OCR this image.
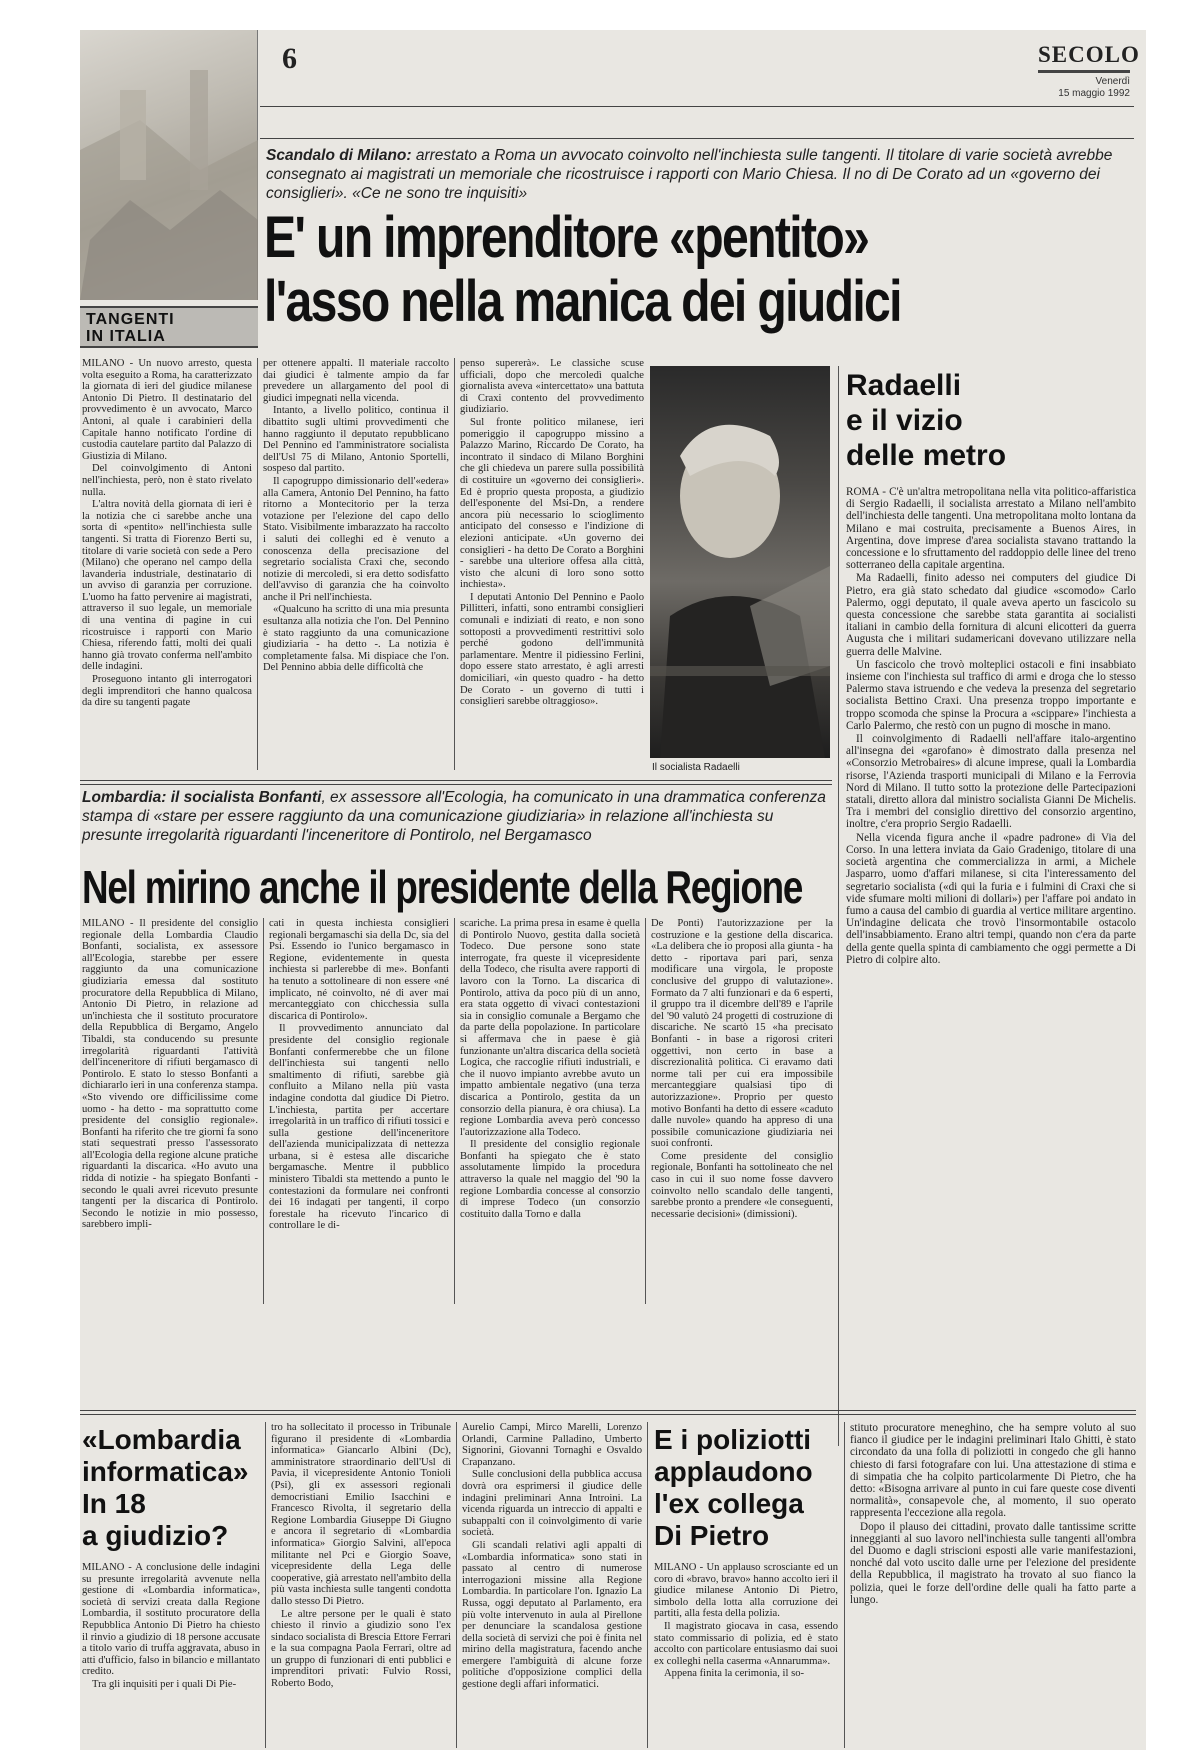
6	SECOLO
Venerdì
15 maggio 1992
TANGENTI
IN ITALIA
Scandalo di Milano: arrestato a Roma un avvocato coinvolto nell'inchiesta sulle tangenti. Il titolare di varie società avrebbe consegnato ai magistrati un memoriale che ricostruisce i rapporti con Mario Chiesa. Il no di De Corato ad un «governo dei consiglieri». «Ce ne sono tre inquisiti»
E' un imprenditore «pentito»
l'asso nella manica dei giudici

MILANO - Un nuovo arresto, questa volta eseguito a Roma, ha caratterizzato la giornata di ieri del giudice milanese Antonio Di Pietro. Il destinatario del provvedimento è un avvocato, Marco Antoni, al quale i carabinieri della Capitale hanno notificato l'ordine di custodia cautelare partito dal Palazzo di Giustizia di Milano.

Del coinvolgimento di Antoni nell'inchiesta, però, non è stato rivelato nulla.

L'altra novità della giornata di ieri è la notizia che ci sarebbe anche una sorta di «pentito» nell'inchiesta sulle tangenti. Si tratta di Fiorenzo Berti su, titolare di varie società con sede a Pero (Milano) che operano nel campo della lavanderia industriale, destinatario di un avviso di garanzia per corruzione. L'uomo ha fatto pervenire ai magistrati, attraverso il suo legale, un memoriale di una ventina di pagine in cui ricostruisce i rapporti con Mario Chiesa, riferendo fatti, molti dei quali hanno già trovato conferma nell'ambito delle indagini.

Proseguono intanto gli interrogatori degli imprenditori che hanno qualcosa da dire su tangenti pagate

per ottenere appalti. Il materiale raccolto dai giudici è talmente ampio da far prevedere un allargamento del pool di giudici impegnati nella vicenda.

Intanto, a livello politico, continua il dibattito sugli ultimi provvedimenti che hanno raggiunto il deputato repubblicano Del Pennino ed l'amministratore socialista dell'Usl 75 di Milano, Antonio Sportelli, sospeso dal partito.

Il capogruppo dimissionario dell'«edera» alla Camera, Antonio Del Pennino, ha fatto ritorno a Montecitorio per la terza votazione per l'elezione del capo dello Stato. Visibilmente imbarazzato ha raccolto i saluti dei colleghi ed è venuto a conoscenza della precisazione del segretario socialista Craxi che, secondo notizie di mercoledì, si era detto sodisfatto dell'avviso di garanzia che ha coinvolto anche il Pri nell'inchiesta.

«Qualcuno ha scritto di una mia presunta esultanza alla notizia che l'on. Del Pennino è stato raggiunto da una comunicazione giudiziaria - ha detto -. La notizia è completamente falsa. Mi dispiace che l'on. Del Pennino abbia delle difficoltà che

penso supererà». Le classiche scuse ufficiali, dopo che mercoledì qualche giornalista aveva «intercettato» una battuta di Craxi contento del provvedimento giudiziario.

Sul fronte politico milanese, ieri pomeriggio il capogruppo missino a Palazzo Marino, Riccardo De Corato, ha incontrato il sindaco di Milano Borghini che gli chiedeva un parere sulla possibilità di costituire un «governo dei consiglieri». Ed è proprio questa proposta, a giudizio dell'esponente del Msi-Dn, a rendere ancora più necessario lo scioglimento anticipato del consesso e l'indizione di elezioni anticipate. «Un governo dei consiglieri - ha detto De Corato a Borghini - sarebbe una ulteriore offesa alla città, visto che alcuni di loro sono sotto inchiesta».

I deputati Antonio Del Pennino e Paolo Pillitteri, infatti, sono entrambi consiglieri comunali e indiziati di reato, e non sono sottoposti a provvedimenti restrittivi solo perché godono dell'immunità parlamentare. Mentre il pidiessino Ferlini, dopo essere stato arrestato, è agli arresti domiciliari, «in questo quadro - ha detto De Corato - un governo di tutti i consiglieri sarebbe oltraggioso».

Il socialista Radaelli
Radaelli
e il vizio
delle metro

ROMA - C'è un'altra metropolitana nella vita politico-affaristica di Sergio Radaelli, il socialista arrestato a Milano nell'ambito dell'inchiesta delle tangenti. Una metropolitana molto lontana da Milano e mai costruita, precisamente a Buenos Aires, in Argentina, dove imprese d'area socialista stavano trattando la concessione e lo sfruttamento del raddoppio delle linee del treno sotterraneo della capitale argentina.

Ma Radaelli, finito adesso nei computers del giudice Di Pietro, era già stato schedato dal giudice «scomodo» Carlo Palermo, oggi deputato, il quale aveva aperto un fascicolo su questa concessione che sarebbe stata garantita ai socialisti italiani in cambio della fornitura di alcuni elicotteri da guerra Augusta che i militari sudamericani dovevano utilizzare nella guerra delle Malvine.

Un fascicolo che trovò molteplici ostacoli e fini insabbiato insieme con l'inchiesta sul traffico di armi e droga che lo stesso Palermo stava istruendo e che vedeva la presenza del segretario socialista Bettino Craxi. Una presenza troppo importante e troppo scomoda che spinse la Procura a «scippare» l'inchiesta a Carlo Palermo, che restò con un pugno di mosche in mano.

Il coinvolgimento di Radaelli nell'affare italo-argentino all'insegna dei «garofano» è dimostrato dalla presenza nel «Consorzio Metrobaires» di alcune imprese, quali la Lombardia risorse, l'Azienda trasporti municipali di Milano e la Ferrovia Nord di Milano. Il tutto sotto la protezione delle Partecipazioni statali, diretto allora dal ministro socialista Gianni De Michelis. Tra i membri del consiglio direttivo del consorzio argentino, inoltre, c'era proprio Sergio Radaelli.

Nella vicenda figura anche il «padre padrone» di Via del Corso. In una lettera inviata da Gaio Gradenigo, titolare di una società argentina che commercializza in armi, a Michele Jasparro, uomo d'affari milanese, si cita l'interessamento del segretario socialista («di qui la furia e i fulmini di Craxi che si vide sfumare molti milioni di dollari») per l'affare poi andato in fumo a causa del cambio di guardia al vertice militare argentino. Un'indagine delicata che trovò l'insormontabile ostacolo dell'insabbiamento. Erano altri tempi, quando non c'era da parte della gente quella spinta di cambiamento che oggi permette a Di Pietro di colpire alto.

Lombardia: il socialista Bonfanti, ex assessore all'Ecologia, ha comunicato in una drammatica conferenza stampa di «stare per essere raggiunto da una comunicazione giudiziaria» in relazione all'inchiesta su presunte irregolarità riguardanti l'inceneritore di Pontirolo, nel Bergamasco
Nel mirino anche il presidente della Regione

MILANO - Il presidente del consiglio regionale della Lombardia Claudio Bonfanti, socialista, ex assessore all'Ecologia, starebbe per essere raggiunto da una comunicazione giudiziaria emessa dal sostituto procuratore della Repubblica di Milano, Antonio Di Pietro, in relazione ad un'inchiesta che il sostituto procuratore della Repubblica di Bergamo, Angelo Tibaldi, sta conducendo su presunte irregolarità riguardanti l'attività dell'inceneritore di rifiuti bergamasco di Pontirolo. E stato lo stesso Bonfanti a dichiararlo ieri in una conferenza stampa. «Sto vivendo ore difficilissime come uomo - ha detto - ma soprattutto come presidente del consiglio regionale». Bonfanti ha riferito che tre giorni fa sono stati sequestrati presso l'assessorato all'Ecologia della regione alcune pratiche riguardanti la discarica. «Ho avuto una ridda di notizie - ha spiegato Bonfanti - secondo le quali avrei ricevuto presunte tangenti per la discarica di Pontirolo. Secondo le notizie in mio possesso, sarebbero impli-

cati in questa inchiesta consiglieri regionali bergamaschi sia della Dc, sia del Psi. Essendo io l'unico bergamasco in Regione, evidentemente in questa inchiesta si parlerebbe di me». Bonfanti ha tenuto a sottolineare di non essere «né implicato, né coinvolto, né di aver mai mercanteggiato con chicchessia sulla discarica di Pontirolo».

Il provvedimento annunciato dal presidente del consiglio regionale Bonfanti confermerebbe che un filone dell'inchiesta sui tangenti nello smaltimento di rifiuti, sarebbe già confluito a Milano nella più vasta indagine condotta dal giudice Di Pietro. L'inchiesta, partita per accertare irregolarità in un traffico di rifiuti tossici e sulla gestione dell'inceneritore dell'azienda municipalizzata di nettezza urbana, si è estesa alle discariche bergamasche. Mentre il pubblico ministero Tibaldi sta mettendo a punto le contestazioni da formulare nei confronti dei 16 indagati per tangenti, il corpo forestale ha ricevuto l'incarico di controllare le di-

scariche. La prima presa in esame è quella di Pontirolo Nuovo, gestita dalla società Todeco. Due persone sono state interrogate, fra queste il vicepresidente della Todeco, che risulta avere rapporti di lavoro con la Torno. La discarica di Pontirolo, attiva da poco più di un anno, era stata oggetto di vivaci contestazioni sia in consiglio comunale a Bergamo che da parte della popolazione. In particolare si affermava che in paese è già funzionante un'altra discarica della società Logica, che raccoglie rifiuti industriali, e che il nuovo impianto avrebbe avuto un impatto ambientale negativo (una terza discarica a Pontirolo, gestita da un consorzio della pianura, è ora chiusa). La regione Lombardia aveva però concesso l'autorizzazione alla Todeco.

Il presidente del consiglio regionale Bonfanti ha spiegato che è stato assolutamente limpido la procedura attraverso la quale nel maggio del '90 la regione Lombardia concesse al consorzio di imprese Todeco (un consorzio costituito dalla Torno e dalla

De Ponti) l'autorizzazione per la costruzione e la gestione della discarica. «La delibera che io proposi alla giunta - ha detto - riportava pari pari, senza modificare una virgola, le proposte conclusive del gruppo di valutazione». Formato da 7 alti funzionari e da 6 esperti, il gruppo tra il dicembre dell'89 e l'aprile del '90 valutò 24 progetti di costruzione di discariche. Ne scartò 15 «ha precisato Bonfanti - in base a rigorosi criteri oggettivi, non certo in base a discrezionalità politica. Ci eravamo dati norme tali per cui era impossibile mercanteggiare qualsiasi tipo di autorizzazione». Proprio per questo motivo Bonfanti ha detto di essere «caduto dalle nuvole» quando ha appreso di una possibile comunicazione giudiziaria nei suoi confronti.

Come presidente del consiglio regionale, Bonfanti ha sottolineato che nel caso in cui il suo nome fosse davvero coinvolto nello scandalo delle tangenti, sarebbe pronto a prendere «le conseguenti, necessarie decisioni» (dimissioni).

«Lombardia
informatica»
In 18
a giudizio?

MILANO - A conclusione delle indagini su presunte irregolarità avvenute nella gestione di «Lombardia informatica», società di servizi creata dalla Regione Lombardia, il sostituto procuratore della Repubblica Antonio Di Pietro ha chiesto il rinvio a giudizio di 18 persone accusate a titolo vario di truffa aggravata, abuso in atti d'ufficio, falso in bilancio e millantato credito.

Tra gli inquisiti per i quali Di Pie-

tro ha sollecitato il processo in Tribunale figurano il presidente di «Lombardia informatica» Giancarlo Albini (Dc), amministratore straordinario dell'Usl di Pavia, il vicepresidente Antonio Tonioli (Psi), gli ex assessori regionali democristiani Emilio Isacchini e Francesco Rivolta, il segretario della Regione Lombardia Giuseppe Di Giugno e ancora il segretario di «Lombardia informatica» Giorgio Salvini, all'epoca militante nel Pci e Giorgio Soave, vicepresidente della Lega delle cooperative, già arrestato nell'ambito della più vasta inchiesta sulle tangenti condotta dallo stesso Di Pietro.

Le altre persone per le quali è stato chiesto il rinvio a giudizio sono l'ex sindaco socialista di Brescia Ettore Ferrari e la sua compagna Paola Ferrari, oltre ad un gruppo di funzionari di enti pubblici e imprenditori privati: Fulvio Rossi, Roberto Bodo,

Aurelio Campi, Mirco Marelli, Lorenzo Orlandi, Carmine Palladino, Umberto Signorini, Giovanni Tornaghi e Osvaldo Crapanzano.

Sulle conclusioni della pubblica accusa dovrà ora esprimersi il giudice delle indagini preliminari Anna Introini. La vicenda riguarda un intreccio di appalti e subappalti con il coinvolgimento di varie società.

Gli scandali relativi agli appalti di «Lombardia informatica» sono stati in passato al centro di numerose interrogazioni missine alla Regione Lombardia. In particolare l'on. Ignazio La Russa, oggi deputato al Parlamento, era più volte intervenuto in aula al Pirellone per denunciare la scandalosa gestione della società di servizi che poi è finita nel mirino della magistratura, facendo anche emergere l'ambiguità di alcune forze politiche d'opposizione complici della gestione degli affari informatici.

E i poliziotti
applaudono
l'ex collega
Di Pietro

MILANO - Un applauso scrosciante ed un coro di «bravo, bravo» hanno accolto ieri il giudice milanese Antonio Di Pietro, simbolo della lotta alla corruzione dei partiti, alla festa della polizia.

Il magistrato giocava in casa, essendo stato commissario di polizia, ed è stato accolto con particolare entusiasmo dai suoi ex colleghi nella caserma «Annarumma».

Appena finita la cerimonia, il so-

stituto procuratore meneghino, che ha sempre voluto al suo fianco il giudice per le indagini preliminari Italo Ghitti, è stato circondato da una folla di poliziotti in congedo che gli hanno chiesto di farsi fotografare con lui. Una attestazione di stima e di simpatia che ha colpito particolarmente Di Pietro, che ha detto: «Bisogna arrivare al punto in cui fare queste cose diventi normalità», consapevole che, al momento, il suo operato rappresenta l'eccezione alla regola.

Dopo il plauso dei cittadini, provato dalle tantissime scritte inneggianti al suo lavoro nell'inchiesta sulle tangenti all'ombra del Duomo e dagli striscioni esposti alle varie manifestazioni, nonché dal voto uscito dalle urne per l'elezione del presidente della Repubblica, il magistrato ha trovato al suo fianco la polizia, quei le forze dell'ordine delle quali ha fatto parte a lungo.
